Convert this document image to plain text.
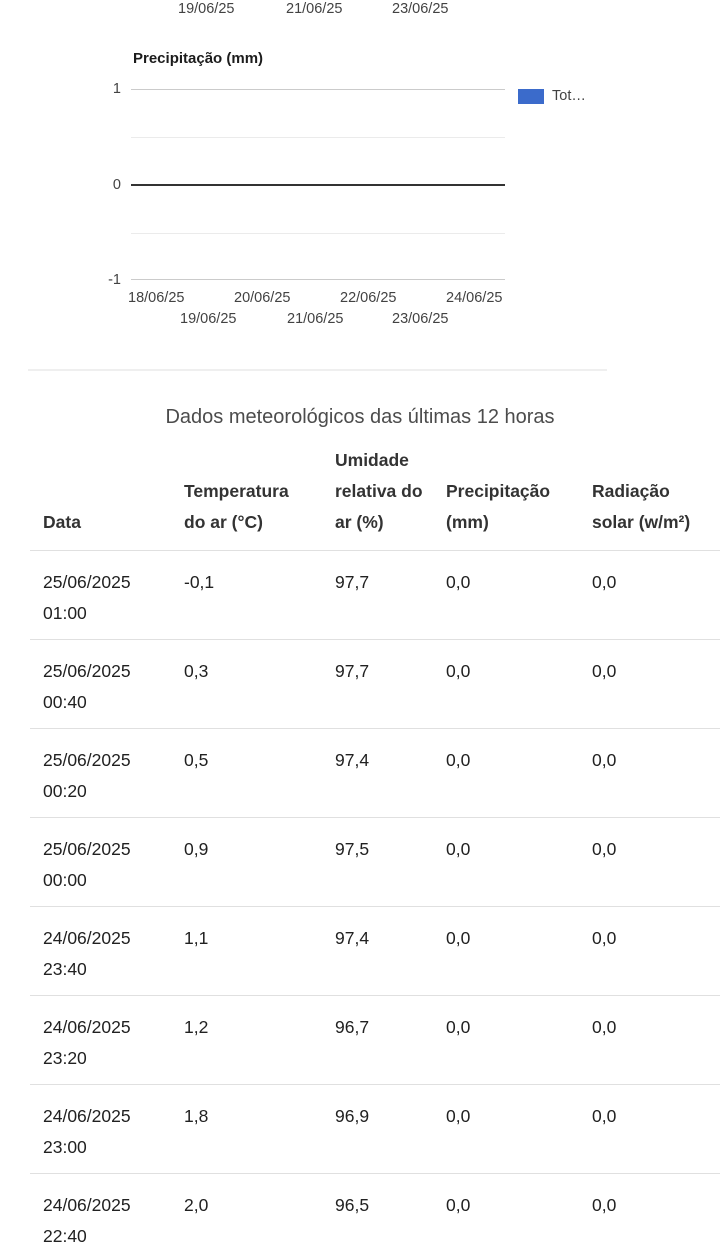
19/06/25	21/06/25	23/06/25
Precipitação (mm)
1
0
-1
Tot…
18/06/25	20/06/25	22/06/25	24/06/25
19/06/25	21/06/25	23/06/25
Dados meteorológicos das últimas 12 horas
Data	Temperatura do ar (°C)	Umidade relativa do ar (%)	Precipitação (mm)	Radiação solar (w/m²)

25/06/2025
01:00	-0,1	97,7	0,0	0,0

25/06/2025
00:40	0,3	97,7	0,0	0,0

25/06/2025
00:20	0,5	97,4	0,0	0,0

25/06/2025
00:00	0,9	97,5	0,0	0,0

24/06/2025
23:40	1,1	97,4	0,0	0,0

24/06/2025
23:20	1,2	96,7	0,0	0,0

24/06/2025
23:00	1,8	96,9	0,0	0,0

24/06/2025
22:40	2,0	96,5	0,0	0,0
